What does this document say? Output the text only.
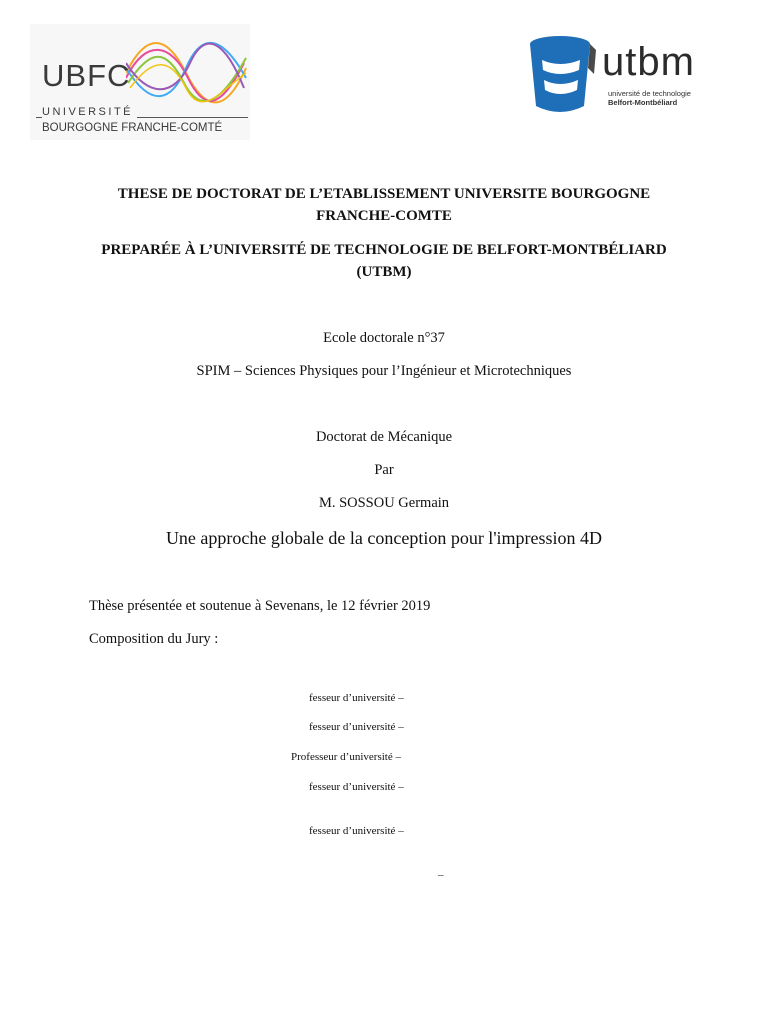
UBFC
UNIVERSITÉ
BOURGOGNE FRANCHE-COMTÉ
utbm
université de technologie
Belfort-Montbéliard
THESE DE DOCTORAT DE L’ETABLISSEMENT UNIVERSITE BOURGOGNE
FRANCHE-COMTE
PREPARÉE À L’UNIVERSITÉ DE TECHNOLOGIE DE BELFORT-MONTBÉLIARD
(UTBM)
Ecole doctorale n°37
SPIM – Sciences Physiques pour l’Ingénieur et Microtechniques
Doctorat de Mécanique
Par
M. SOSSOU Germain
Une approche globale de la conception pour l'impression 4D
Thèse présentée et soutenue à Sevenans, le 12 février 2019
Composition du Jury :
fesseur d’université –
fesseur d’université –
Professeur d’université –
fesseur d’université –
fesseur d’université –
–
